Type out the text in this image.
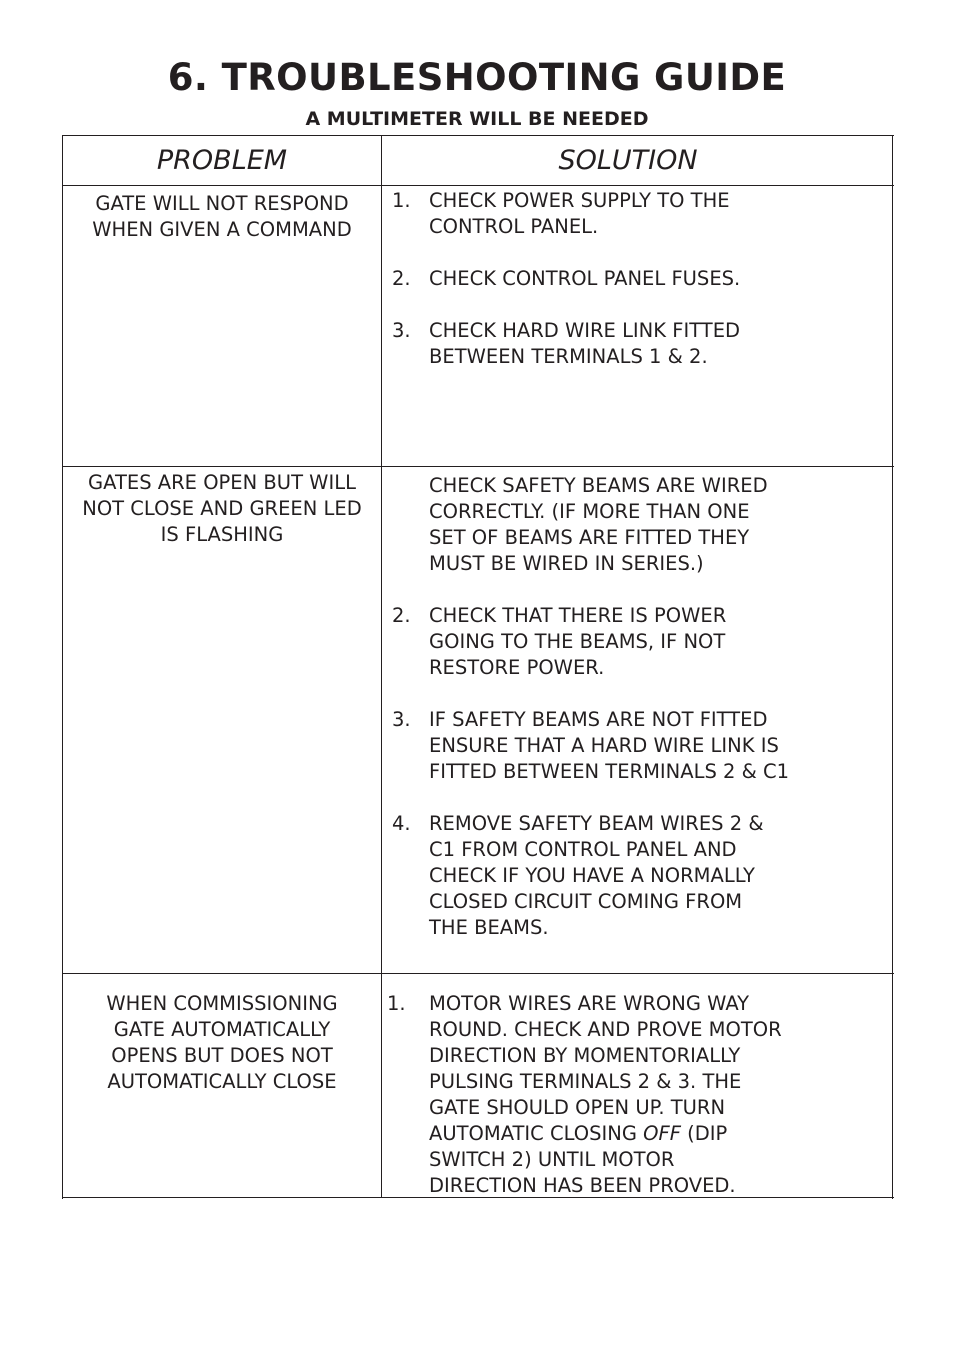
6. TROUBLESHOOTING GUIDE
A MULTIMETER WILL BE NEEDED
PROBLEM	SOLUTION
GATE WILL NOT RESPOND
WHEN GIVEN A COMMAND
1. CHECK POWER SUPPLY TO THE
CONTROL PANEL.
2. CHECK CONTROL PANEL FUSES.
3. CHECK HARD WIRE LINK FITTED
BETWEEN TERMINALS 1 & 2.
GATES ARE OPEN BUT WILL
NOT CLOSE AND GREEN LED
IS FLASHING
CHECK SAFETY BEAMS ARE WIRED
CORRECTLY. (IF MORE THAN ONE
SET OF BEAMS ARE FITTED THEY
MUST BE WIRED IN SERIES.)
2. CHECK THAT THERE IS POWER
GOING TO THE BEAMS, IF NOT
RESTORE POWER.
3. IF SAFETY BEAMS ARE NOT FITTED
ENSURE THAT A HARD WIRE LINK IS
FITTED BETWEEN TERMINALS 2 & C1
4. REMOVE SAFETY BEAM WIRES 2 &
C1 FROM CONTROL PANEL AND
CHECK IF YOU HAVE A NORMALLY
CLOSED CIRCUIT COMING FROM
THE BEAMS.
WHEN COMMISSIONING
GATE AUTOMATICALLY
OPENS BUT DOES NOT
AUTOMATICALLY CLOSE
1. MOTOR WIRES ARE WRONG WAY
ROUND. CHECK AND PROVE MOTOR
DIRECTION BY MOMENTORIALLY
PULSING TERMINALS 2 & 3. THE
GATE SHOULD OPEN UP. TURN
AUTOMATIC CLOSING OFF (DIP
SWITCH 2) UNTIL MOTOR
DIRECTION HAS BEEN PROVED.
